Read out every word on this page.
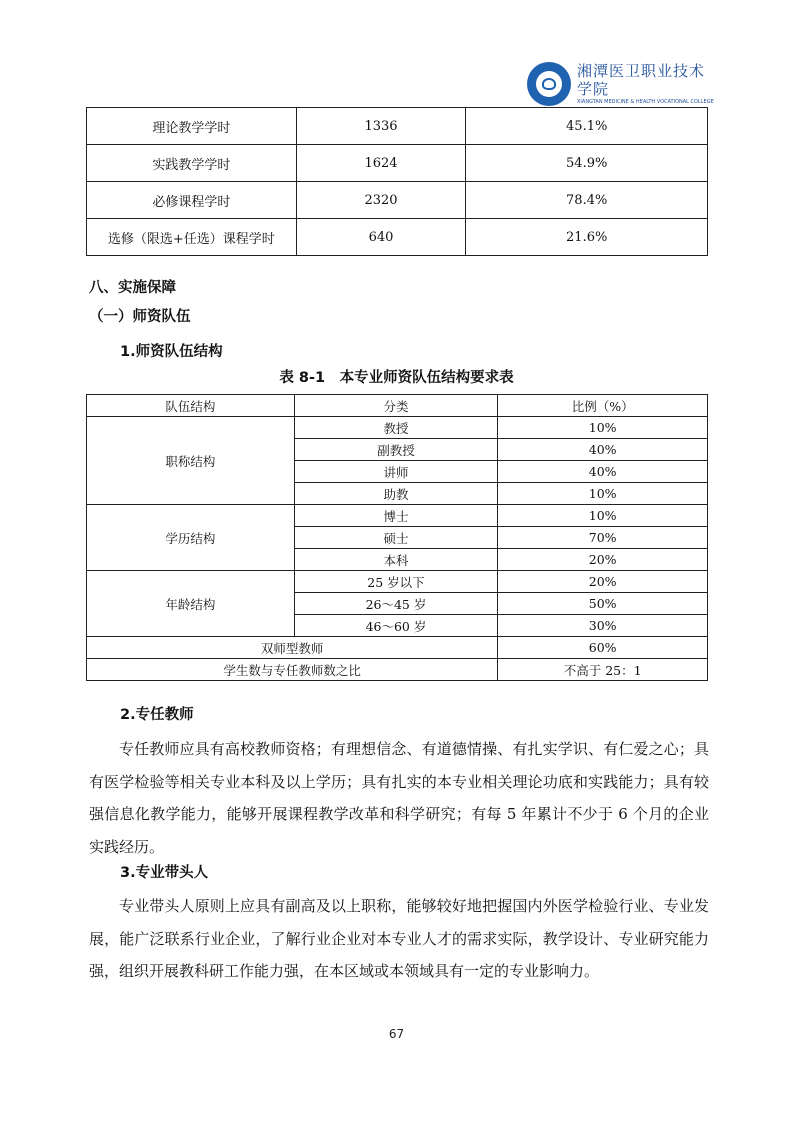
湘潭医卫职业技术学院
XIANGTAN MEDICINE & HEALTH VOCATIONAL COLLEGE
理论教学学时	1336	45.1%
实践教学学时	1624	54.9%
必修课程学时	2320	78.4%
选修（限选+任选）课程学时	640	21.6%
八、实施保障
（一）师资队伍
1.师资队伍结构
表 8-1　本专业师资队伍结构要求表
队伍结构	分类	比例（%）
职称结构	教授	10%
	副教授	40%
	讲师	40%
	助教	10%
学历结构	博士	10%
	硕士	70%
	本科	20%
年龄结构	25 岁以下	20%
	26～45 岁	50%
	46～60 岁	30%
双师型教师		60%
学生数与专任教师数之比		不高于 25：1
2.专任教师

专任教师应具有高校教师资格；有理想信念、有道德情操、有扎实学识、有仁爱之心；具有医学检验等相关专业本科及以上学历；具有扎实的本专业相关理论功底和实践能力；具有较强信息化教学能力，能够开展课程教学改革和科学研究；有每 5 年累计不少于 6 个月的企业实践经历。

3.专业带头人

专业带头人原则上应具有副高及以上职称，能够较好地把握国内外医学检验行业、专业发展，能广泛联系行业企业，了解行业企业对本专业人才的需求实际，教学设计、专业研究能力强，组织开展教科研工作能力强，在本区域或本领域具有一定的专业影响力。

67
